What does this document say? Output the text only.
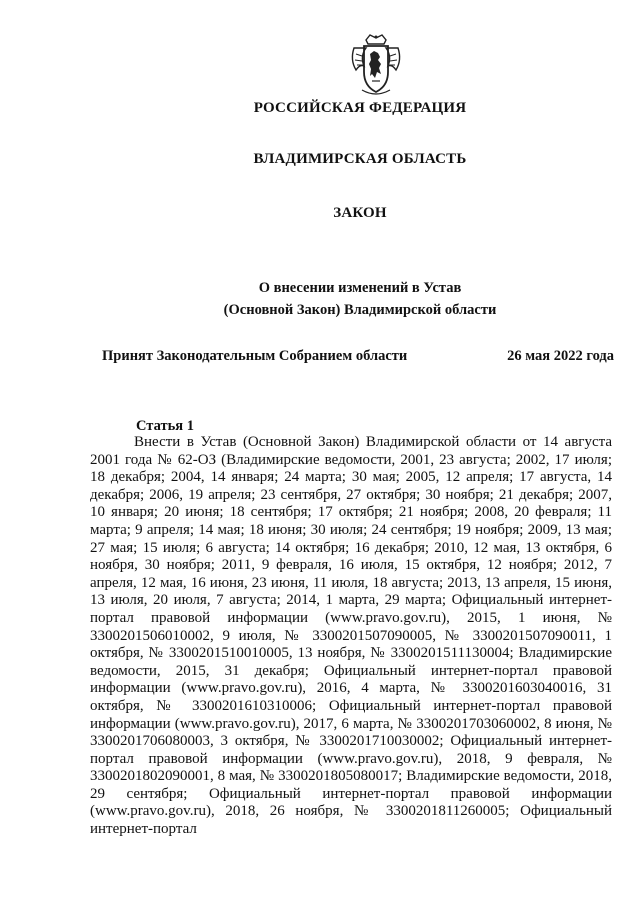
РОССИЙСКАЯ ФЕДЕРАЦИЯ
ВЛАДИМИРСКАЯ ОБЛАСТЬ
ЗАКОН
О внесении изменений в Устав
(Основной Закон) Владимирской области
Принят Законодательным Собранием области	26 мая 2022 года
Статья 1
Внести в Устав (Основной Закон) Владимирской области от 14 августа 2001 года № 62-ОЗ (Владимирские ведомости, 2001, 23 августа; 2002, 17 июля; 18 декабря; 2004, 14 января; 24 марта; 30 мая; 2005, 12 апреля; 17 августа, 14 декабря; 2006, 19 апреля; 23 сентября, 27 октября; 30 ноября; 21 декабря; 2007, 10 января; 20 июня; 18 сентября; 17 октября; 21 ноября; 2008, 20 февраля; 11 марта; 9 апреля; 14 мая; 18 июня; 30 июля; 24 сентября; 19 ноября; 2009, 13 мая; 27 мая; 15 июля; 6 августа; 14 октября; 16 декабря; 2010, 12 мая, 13 октября, 6 ноября, 30 ноября; 2011, 9 февраля, 16 июля, 15 октября, 12 ноября; 2012, 7 апреля, 12 мая, 16 июня, 23 июня, 11 июля, 18 августа; 2013, 13 апреля, 15 июня, 13 июля, 20 июля, 7 августа; 2014, 1 марта, 29 марта; Официальный интернет-портал правовой информации (www.pravo.gov.ru), 2015, 1 июня, № 3300201506010002, 9 июля, № 3300201507090005, № 3300201507090011, 1 октября, № 3300201510010005, 13 ноября, № 3300201511130004; Владимирские ведомости, 2015, 31 декабря; Официальный интернет-портал правовой информации (www.pravo.gov.ru), 2016, 4 марта, № 3300201603040016, 31 октября, № 3300201610310006; Официальный интернет-портал правовой информации (www.pravo.gov.ru), 2017, 6 марта, № 3300201703060002, 8 июня, № 3300201706080003, 3 октября, № 3300201710030002; Официальный интернет-портал правовой информации (www.pravo.gov.ru), 2018, 9 февраля, № 3300201802090001, 8 мая, № 3300201805080017; Владимирские ведомости, 2018, 29 сентября; Официальный интернет-портал правовой информации (www.pravo.gov.ru), 2018, 26 ноября, № 3300201811260005; Официальный интернет-портал
